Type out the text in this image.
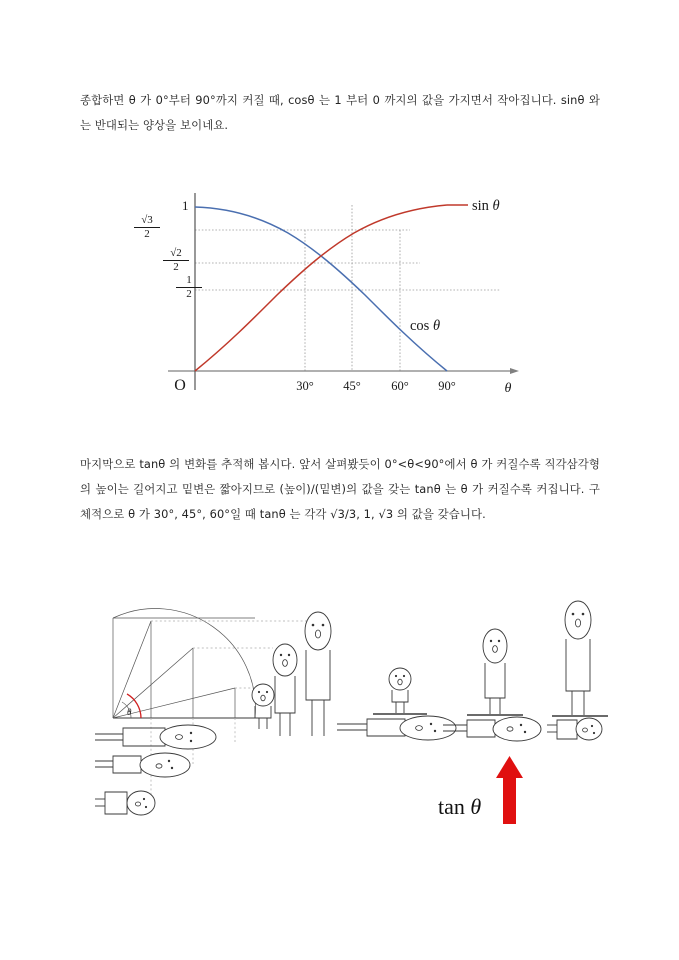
종합하면 θ 가 0°부터 90°까지 커질 때, cosθ 는 1 부터 0 까지의 값을 가지면서 작아집니다. sinθ 와는 반대되는 양상을 보이네요.
30° 45° 60° 90°	θ
O
sin θ
cos θ
1
$\frac{√3}{2}$
$\frac{√2}{2}$
$\frac{1}{2}$
마지막으로 tanθ 의 변화를 추적해 봅시다. 앞서 살펴봤듯이 0°<θ<90°에서 θ 가 커질수록 직각삼각형의 높이는 길어지고 밑변은 짧아지므로 (높이)/(밑변)의 값을 갖는 tanθ 는 θ 가 커질수록 커집니다. 구체적으로 θ 가 30°, 45°, 60°일 때 tanθ 는 각각 √3/3, 1, √3 의 값을 갖습니다.
θ
tan θ
